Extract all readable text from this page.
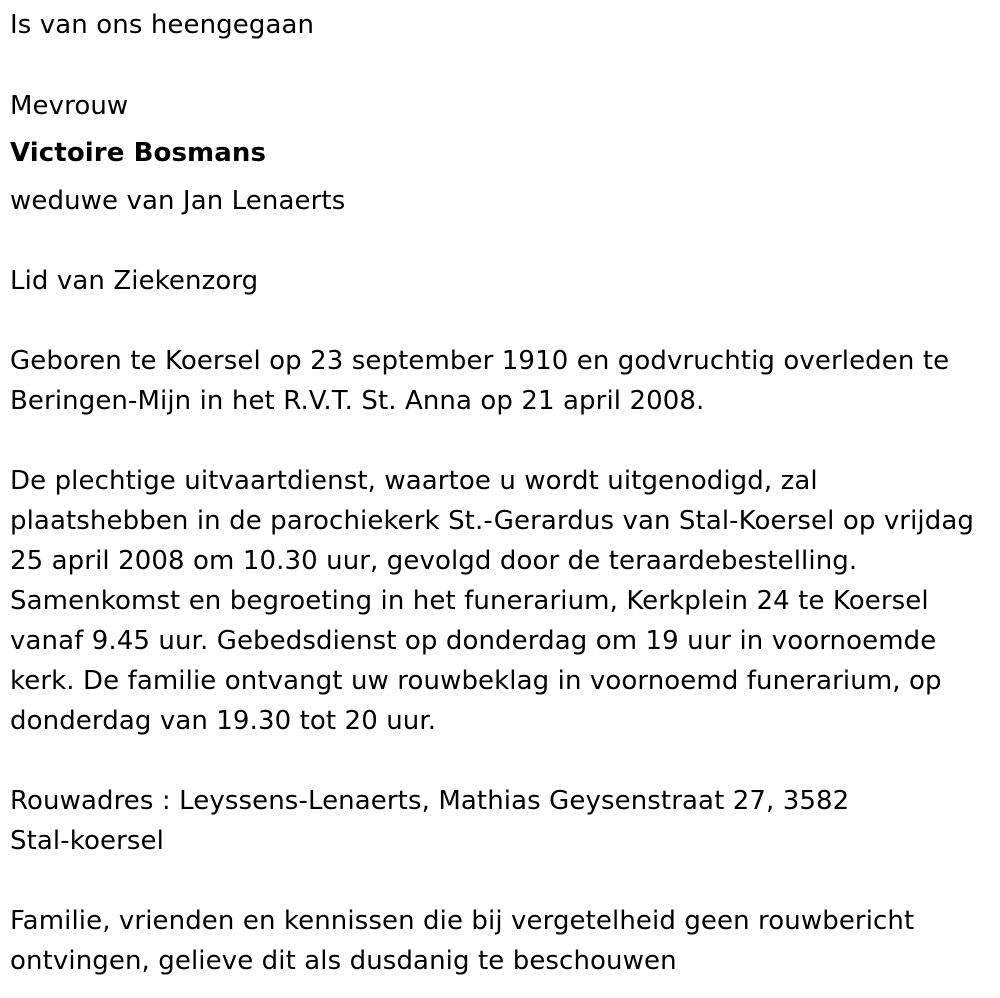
Is van ons heengegaan

Mevrouw

Victoire Bosmans

weduwe van Jan Lenaerts

Lid van Ziekenzorg

Geboren te Koersel op 23 september 1910 en godvruchtig overleden te

Beringen-Mijn in het R.V.T. St. Anna op 21 april 2008.

De plechtige uitvaartdienst, waartoe u wordt uitgenodigd, zal

plaatshebben in de parochiekerk St.-Gerardus van Stal-Koersel op vrijdag

25 april 2008 om 10.30 uur, gevolgd door de teraardebestelling.

Samenkomst en begroeting in het funerarium, Kerkplein 24 te Koersel

vanaf 9.45 uur. Gebedsdienst op donderdag om 19 uur in voornoemde

kerk. De familie ontvangt uw rouwbeklag in voornoemd funerarium, op

donderdag van 19.30 tot 20 uur.

Rouwadres : Leyssens-Lenaerts, Mathias Geysenstraat 27, 3582

Stal-koersel

Familie, vrienden en kennissen die bij vergetelheid geen rouwbericht

ontvingen, gelieve dit als dusdanig te beschouwen
